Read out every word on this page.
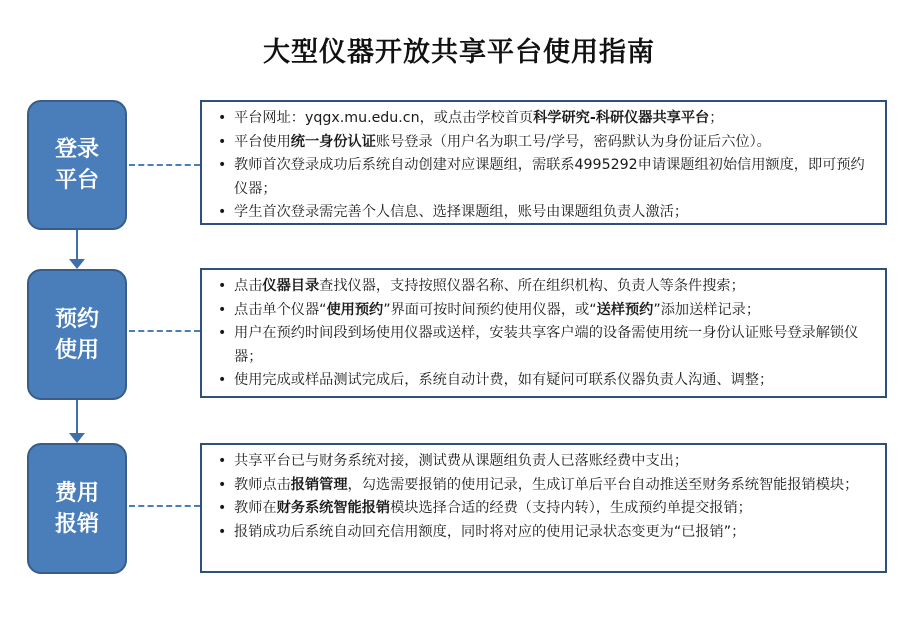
大型仪器开放共享平台使用指南
登录
平台
预约
使用
费用
报销
• 平台网址：yqgx.mu.edu.cn，或点击学校首页科学研究-科研仪器共享平台；
• 平台使用统一身份认证账号登录（用户名为职工号/学号，密码默认为身份证后六位）。
• 教师首次登录成功后系统自动创建对应课题组，需联系4995292申请课题组初始信用额度，即可预约仪器；
• 学生首次登录需完善个人信息、选择课题组，账号由课题组负责人激活；
• 点击仪器目录查找仪器，支持按照仪器名称、所在组织机构、负责人等条件搜索；
• 点击单个仪器“使用预约”界面可按时间预约使用仪器，或“送样预约”添加送样记录；
• 用户在预约时间段到场使用仪器或送样，安装共享客户端的设备需使用统一身份认证账号登录解锁仪器；
• 使用完成或样品测试完成后，系统自动计费，如有疑问可联系仪器负责人沟通、调整；
• 共享平台已与财务系统对接，测试费从课题组负责人已落账经费中支出；
• 教师点击报销管理，勾选需要报销的使用记录，生成订单后平台自动推送至财务系统智能报销模块；
• 教师在财务系统智能报销模块选择合适的经费（支持内转），生成预约单提交报销；
• 报销成功后系统自动回充信用额度，同时将对应的使用记录状态变更为“已报销”；
